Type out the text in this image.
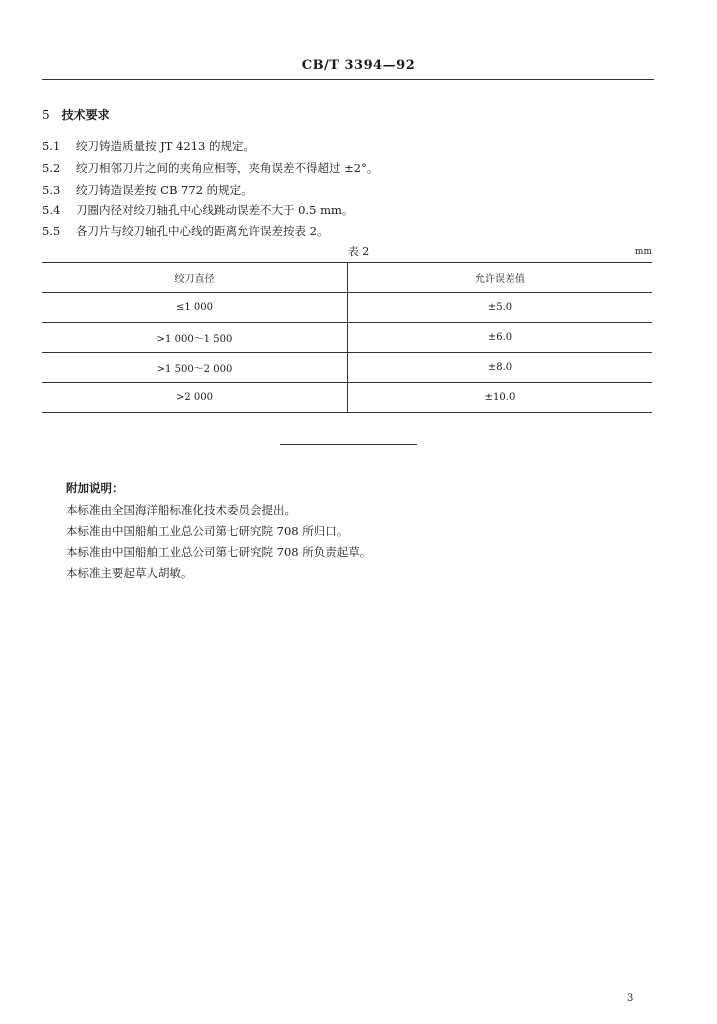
CB/T 3394—92
5 技术要求
5.1 绞刀铸造质量按 JT 4213 的规定。
5.2 绞刀相邻刀片之间的夹角应相等，夹角误差不得超过 ±2°。
5.3 绞刀铸造误差按 CB 772 的规定。
5.4 刀圈内径对绞刀轴孔中心线跳动误差不大于 0.5 mm。
5.5 各刀片与绞刀轴孔中心线的距离允许误差按表 2。
表 2	mm
绞刀直径	允许误差值
≤1 000	±5.0
>1 000～1 500	±6.0
>1 500～2 000	±8.0
>2 000	±10.0
附加说明：
本标准由全国海洋船标准化技术委员会提出。
本标准由中国船舶工业总公司第七研究院 708 所归口。
本标准由中国船舶工业总公司第七研究院 708 所负责起草。
本标准主要起草人胡敏。
3
